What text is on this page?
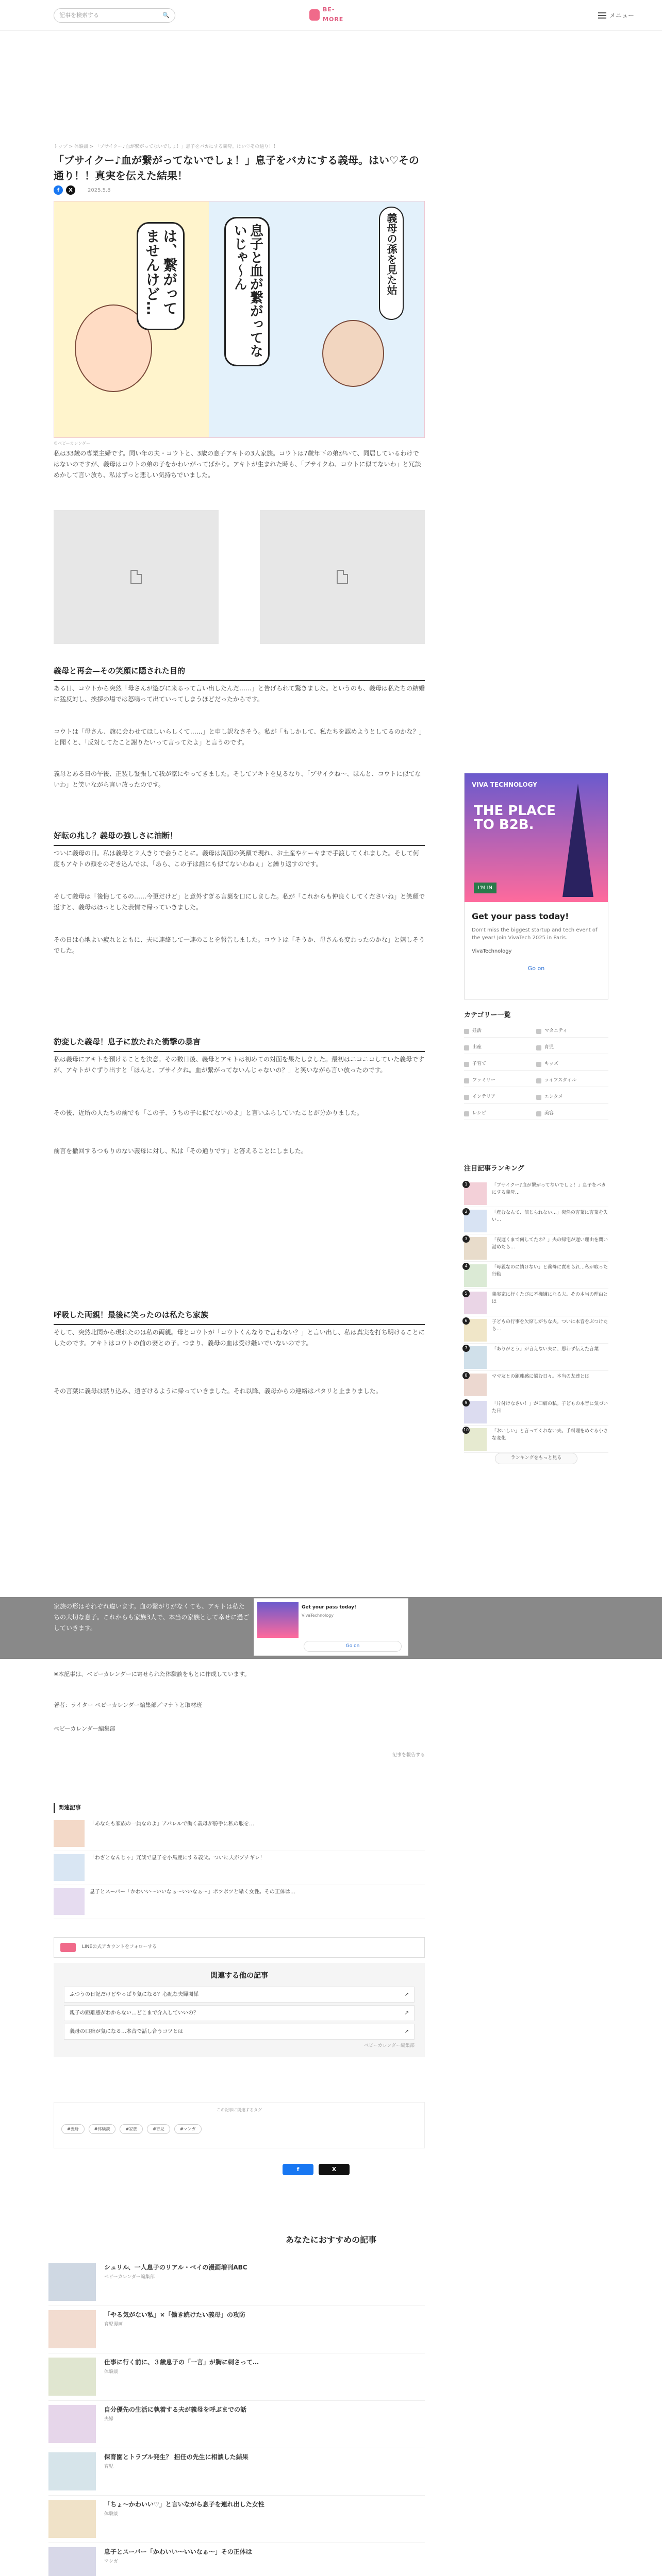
記事を検索する	🔍
BE-MORE
メニュー
トップ > 体験談 > 「ブサイクー♪血が繋がってないでしょ！」息子をバカにする義母。はい♡その通り！！
「ブサイクー♪血が繋がってないでしょ！」息子をバカにする義母。はい♡その通り！！真実を伝えた結果！
f	X	2025.5.8
は、繋がってませんけど…	息子と血が繋がってないじゃ〜ん	義母の孫を見た姑
©ベビーカレンダー

私は33歳の専業主婦です。同い年の夫・コウトと、3歳の息子アキトの3人家族。コウトは7歳年下の弟がいて、同居しているわけではないのですが、義母はコウトの弟の子をかわいがってばかり。アキトが生まれた時も、「ブサイクね、コウトに似てないわ」と冗談めかして言い放ち、私はずっと悲しい気持ちでいました。

義母と再会—その笑顔に隠された目的

ある日、コウトから突然「母さんが遊びに来るって言い出したんだ……」と告げられて驚きました。というのも、義母は私たちの結婚に猛反対し、挨拶の場では怒鳴って出ていってしまうほどだったからです。

コウトは「母さん、旗に会わせてほしいらしくて……」と申し訳なさそう。私が「もしかして、私たちを認めようとしてるのかな？」と聞くと、「反対してたこと謝りたいって言ってたよ」と言うのです。

義母とある日の午後、正装し緊張して我が家にやってきました。そしてアキトを見るなり、「ブサイクね〜、ほんと、コウトに似てないわ」と笑いながら言い放ったのです。

好転の兆し？義母の強しさに油断！

ついに義母の日。私は義母と２人きりで会うことに。義母は満面の笑顔で現れ、お土産やケーキまで手渡してくれました。そして何度もアキトの顔をのぞき込んでは、「あら、この子は誰にも似てないわねぇ」と繰り返すのです。

そして義母は「後悔してるの……今更だけど」と意外すぎる言葉を口にしました。私が「これからも仲良くしてくださいね」と笑顔で返すと、義母はほっとした表情で帰っていきました。

その日は心地よい疲れとともに、夫に連絡して一連のことを報告しました。コウトは「そうか、母さんも変わったのかな」と嬉しそうでした。

豹変した義母！息子に放たれた衝撃の暴言

私は義母にアキトを預けることを決意。その数日後、義母とアキトは初めての対面を果たしました。最初はニコニコしていた義母ですが、アキトがぐずり出すと「ほんと、ブサイクね。血が繋がってないんじゃないの？」と笑いながら言い放ったのです。

その後、近所の人たちの前でも「この子、うちの子に似てないのよ」と言いふらしていたことが分かりました。

前言を撤回するつもりのない義母に対し、私は「その通りです」と答えることにしました。

呼吸した両親！最後に笑ったのは私たち家族

そして、突然北関から現れたのは私の両親。母とコウトが「コウトくんなりで言わない？」と言い出し、私は真実を打ち明けることにしたのです。アキトはコウトの前の妻との子。つまり、義母の血は受け継いでいないのです。

その言葉に義母は黙り込み、遠ざけるように帰っていきました。それ以降、義母からの連絡はパタリと止まりました。

家族の形はそれぞれ違います。血の繋がりがなくても、アキトは私たちの大切な息子。これからも家族3人で、本当の家族として幸せに過ごしていきます。

Get your pass today!
VivaTechnology
Go on

※本記事は、ベビーカレンダーに寄せられた体験談をもとに作成しています。

著者：ライター ベビーカレンダー編集部／マナトと取材班

ベビーカレンダー編集部

記事を報告する

関連記事
「あなたも家族の一員なのよ」アパレルで働く義母が勝手に私の服を…
「わざとなんじゃ」冗談で息子を小馬鹿にする義父。ついに夫がブチギレ！
息子とスーパー「かわいい〜いいなぁ〜いいなぁ〜」ポツポツと囁く女性。その正体は…
LINE公式アカウントをフォローする
関連する他の記事
ふつうの日記だけどやっぱり気になる？心配な夫婦関係	↗
親子の距離感がわからない…どこまで介入していいの？	↗
義母の口癖が気になる…本音で話し合うコツとは	↗
ベビーカレンダー編集部
この記事に関連するタグ
#義母	#体験談	#家族	#育児	#マンガ
f	X
あなたにおすすめの記事
シュリル、一人息子のリアル・ベイの漫画増刊ABC
ベビーカレンダー編集部
「やる気がない私」×「働き続けたい義母」の攻防
育児漫画
仕事に行く前に、３歳息子の「一言」が胸に刺さって…
体験談
自分優先の生活に執着する夫が義母を呼ぶまでの話
夫婦
保育園とトラブル発生？ 担任の先生に相談した結果
育児
「ちょ〜かわいい♡」と言いながら息子を連れ出した女性
体験談
息子とスーパー「かわいい〜いいなぁ〜」その正体は
マンガ
VIVA TECHNOLOGY
THE PLACE TO B2B.
I'M IN
Get your pass today!
Don't miss the biggest startup and tech event of the year! Join VivaTech 2025 in Paris.
VivaTechnology
Go on
カテゴリー一覧
妊活	マタニティ
出産	育児
子育て	キッズ
ファミリー	ライフスタイル
インテリア	エンタメ
レシピ	美容
注目記事ランキング
1	「ブサイクー♪血が繋がってないでしょ！」息子をバカにする義母…
2	「産むなんて、信じられない…」突然の言葉に言葉を失い…
3	「夜遅くまで何してたの？」夫の帰宅が遅い理由を問い詰めたら…
4	「母親なのに情けない」と義母に責められ…私が取った行動
5	義実家に行くたびに不機嫌になる夫。その本当の理由とは
6	子どもの行事を欠席しがちな夫。ついに本音をぶつけたら…
7	「ありがとう」が言えない夫に、思わず伝えた言葉
8	ママ友との距離感に悩む日々。本当の友達とは
9	「片付けなさい！」が口癖の私。子どもの本音に気づいた日
10	「おいしい」と言ってくれない夫。手料理をめぐる小さな変化
ランキングをもっと見る
